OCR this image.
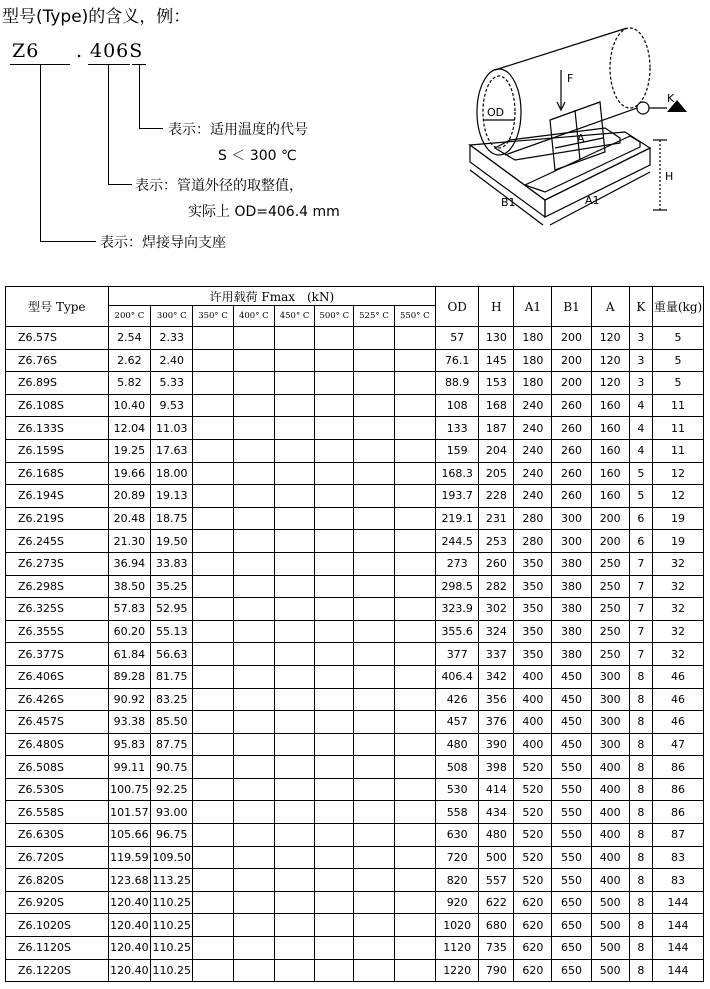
型号(Type)的含义，例：
Z6 . 406S
表示：适用温度的代号
S ＜ 300 ℃
表示：管道外径的取整值，
实际上 OD=406.4 mm
表示：焊接导向支座
F
K
OD
A
H
B1	A1
型号 Type	许用载荷 Fmax　(kN)								OD	H	A1	B1	A	K	重量(kg)
	200° C	300° C	350° C	400° C	450° C	500° C	525° C	550° C							
Z6.57S	2.54	2.33							57	130	180	200	120	3	5
Z6.76S	2.62	2.40							76.1	145	180	200	120	3	5
Z6.89S	5.82	5.33							88.9	153	180	200	120	3	5
Z6.108S	10.40	9.53							108	168	240	260	160	4	11
Z6.133S	12.04	11.03							133	187	240	260	160	4	11
Z6.159S	19.25	17.63							159	204	240	260	160	4	11
Z6.168S	19.66	18.00							168.3	205	240	260	160	5	12
Z6.194S	20.89	19.13							193.7	228	240	260	160	5	12
Z6.219S	20.48	18.75							219.1	231	280	300	200	6	19
Z6.245S	21.30	19.50							244.5	253	280	300	200	6	19
Z6.273S	36.94	33.83							273	260	350	380	250	7	32
Z6.298S	38.50	35.25							298.5	282	350	380	250	7	32
Z6.325S	57.83	52.95							323.9	302	350	380	250	7	32
Z6.355S	60.20	55.13							355.6	324	350	380	250	7	32
Z6.377S	61.84	56.63							377	337	350	380	250	7	32
Z6.406S	89.28	81.75							406.4	342	400	450	300	8	46
Z6.426S	90.92	83.25							426	356	400	450	300	8	46
Z6.457S	93.38	85.50							457	376	400	450	300	8	46
Z6.480S	95.83	87.75							480	390	400	450	300	8	47
Z6.508S	99.11	90.75							508	398	520	550	400	8	86
Z6.530S	100.75	92.25							530	414	520	550	400	8	86
Z6.558S	101.57	93.00							558	434	520	550	400	8	86
Z6.630S	105.66	96.75							630	480	520	550	400	8	87
Z6.720S	119.59	109.50							720	500	520	550	400	8	83
Z6.820S	123.68	113.25							820	557	520	550	400	8	83
Z6.920S	120.40	110.25							920	622	620	650	500	8	144
Z6.1020S	120.40	110.25							1020	680	620	650	500	8	144
Z6.1120S	120.40	110.25							1120	735	620	650	500	8	144
Z6.1220S	120.40	110.25							1220	790	620	650	500	8	144
